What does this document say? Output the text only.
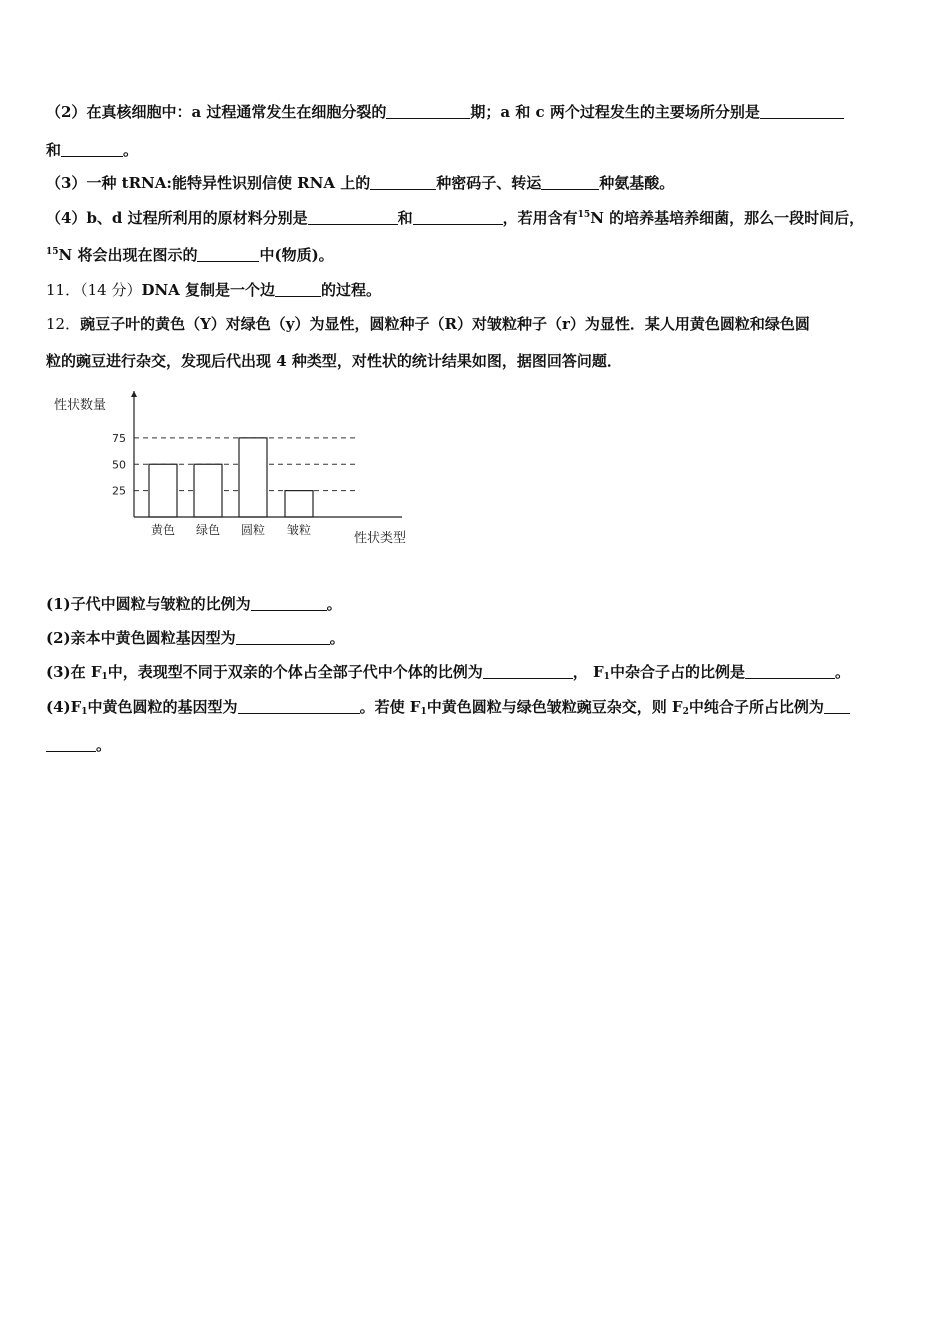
（2）在真核细胞中：a 过程通常发生在细胞分裂的	期；a 和 c 两个过程发生的主要场所分别是
和	。
（3）一种 tRNA:能特异性识别信使 RNA 上的	种密码子、转运	种氨基酸。
（4）b、d 过程所利用的原材料分别是	和	，若用含有$^{15}$N 的培养基培养细菌，那么一段时间后，
$^{15}$N 将会出现在图示的	中(物质)。
11．（14 分）DNA 复制是一个边	的过程。
12．豌豆子叶的黄色（Y）对绿色（y）为显性，圆粒种子（R）对皱粒种子（r）为显性．某人用黄色圆粒和绿色圆
粒的豌豆进行杂交，发现后代出现 4 种类型，对性状的统计结果如图，据图回答问题．
性状数量
性状类型
25
50
75
黄色 绿色 圆粒 皱粒
(1)子代中圆粒与皱粒的比例为	。
(2)亲本中黄色圆粒基因型为	。
(3)在 $F_1$中，表现型不同于双亲的个体占全部子代中个体的比例为	， $F_1$中杂合子占的比例是	。
$(4)F_1$中黄色圆粒的基因型为	。若使 $F_1$中黄色圆粒与绿色皱粒豌豆杂交，则 $F_2$中纯合子所占比例为
。
